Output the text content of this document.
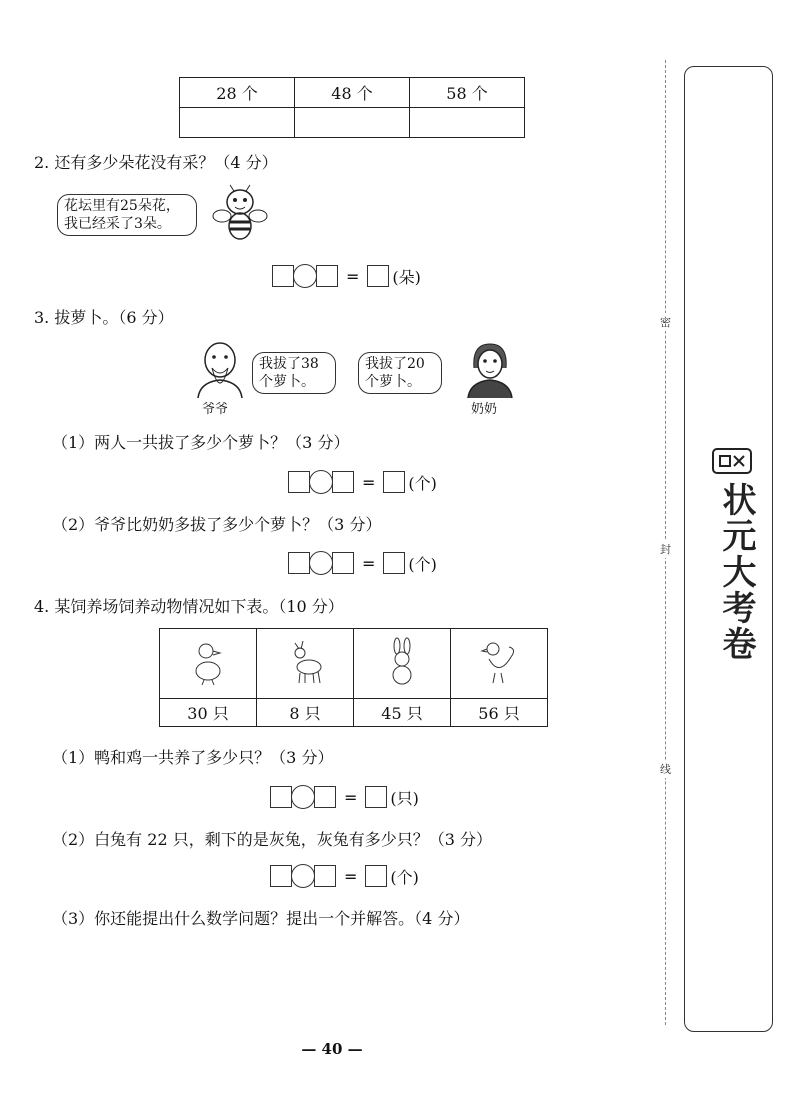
28 个	48 个	58 个

2. 还有多少朵花没有采？（4 分）
花坛里有25朵花，
我已经采了3朵。
= (朵)
3. 拔萝卜。（6 分）
爷爷
我拔了38
个萝卜。
我拔了20
个萝卜。
奶奶
（1）两人一共拔了多少个萝卜？（3 分）
= (个)
（2）爷爷比奶奶多拔了多少个萝卜？（3 分）
= (个)
4. 某饲养场饲养动物情况如下表。（10 分）

30 只	8 只	45 只	56 只
（1）鸭和鸡一共养了多少只？（3 分）
= (只)
（2）白兔有 22 只，剩下的是灰兔，灰兔有多少只？（3 分）
= (个)
（3）你还能提出什么数学问题？提出一个并解答。（4 分）
密
封
线
状元大考卷
— 40 —
